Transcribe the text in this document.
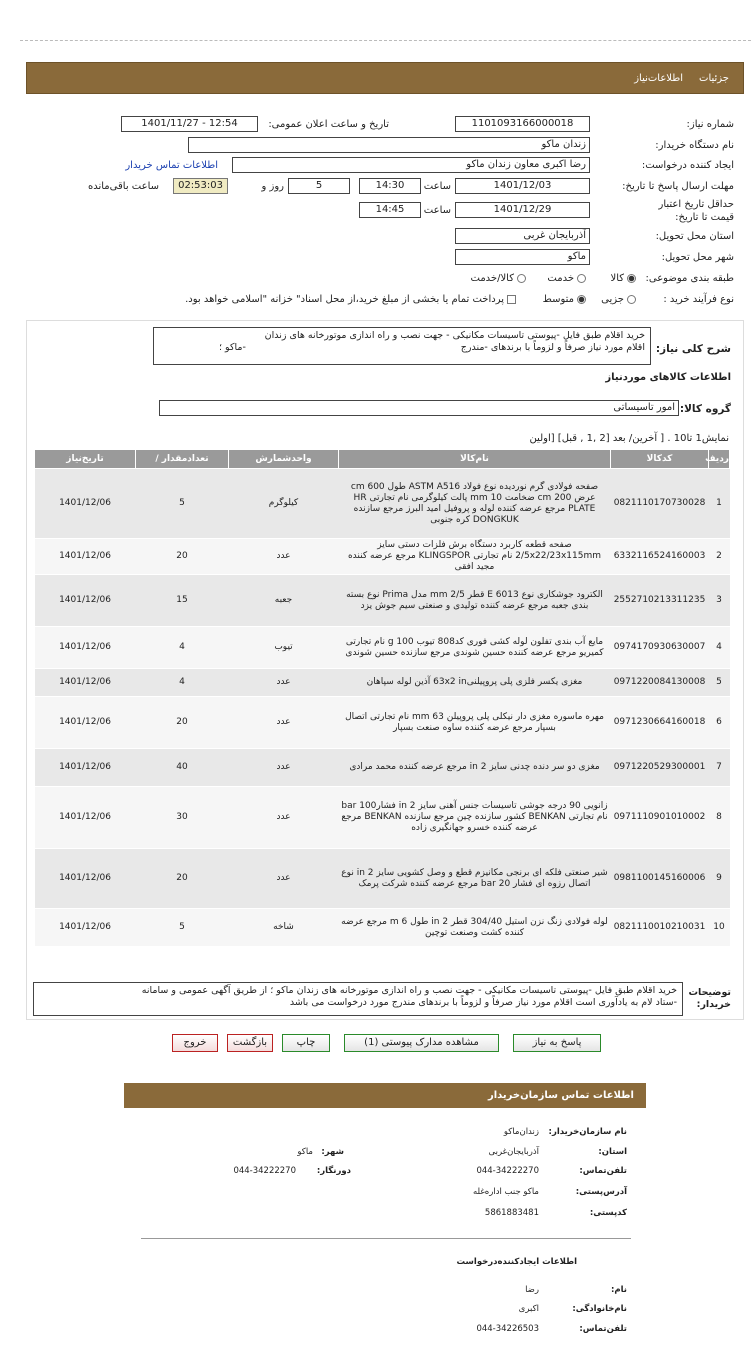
جزئیات
اطلاعات‌نیاز
شماره نیاز:
1101093166000018
تاریخ و ساعت اعلان عمومی:
1401/11/27 - 12:54
نام دستگاه خریدار:
زندان ماکو
ایجاد کننده درخواست:
رضا اکبری معاون زندان ماکو
اطلاعات تماس خریدار
مهلت ارسال پاسخ تا تاریخ:
1401/12/03
ساعت
14:30
5
روز و
02:53:03
ساعت باقی‌مانده
حداقل تاریخ اعتبار قیمت تا تاریخ:
1401/12/29
ساعت
14:45
استان محل تحویل:
آذربایجان غربی
شهر محل تحویل:
ماکو
طبقه بندی موضوعی:
کالا
خدمت
کالا/خدمت
نوع فرآیند خرید :
جزیی
متوسط
پرداخت تمام یا بخشی از مبلغ خرید،از محل اسناد" خزانه "اسلامی خواهد بود.
شرح کلی نیاز:
خرید اقلام طبق فایل -پیوستی تاسیسات مکانیکی - جهت نصب و راه اندازی موتورخانه های زندان
اقلام مورد نیاز صرفاً و لزوماً با برندهای -مندرج
-ماکو ؛
اطلاعات کالاهای موردنیاز
گروه کالا:
امور تاسیساتی
نمایش1 تا10 . [ آخرین/ بعد [2 ,1 , قبل] [اولین
ردیف	کدکالا	نام‌کالا	واحدشمارش	تعدادمقدار /	تاریخ‌نیاز
1	0821110170730028	صفحه فولادی گرم نوردیده نوع فولاد ASTM A516 طول 600 cm عرض 200 cm ضخامت 10 mm پالت کیلوگرمی نام تجارتی HR PLATE مرجع عرضه کننده لوله و پروفیل امید البرز مرجع سازنده DONGKUK کره جنوبی	کیلوگرم	5	1401/12/06
2	6332116524160003	صفحه قطعه کاربرد دستگاه برش فلزات دستی سایز 2/5x22/23x115mm نام تجارتی KLINGSPOR مرجع عرضه کننده مجید افقی	عدد	20	1401/12/06
3	2552710213311235	الکترود جوشکاری نوع E 6013 قطر 2/5 mm مدل Prima نوع بسته بندی جعبه مرجع عرضه کننده تولیدی و صنعتی سیم جوش یزد	جعبه	15	1401/12/06
4	0974170930630007	مایع آب بندی تفلون لوله کشی فوری کد808 تیوب 100 g نام تجارتی کمیریو مرجع عرضه کننده حسین شوندی مرجع سازنده حسین شوندی	تیوب	4	1401/12/06
5	0971220084130008	مغزی یکسر فلزی پلی پروپیلنی63x2 in آذین لوله سپاهان	عدد	4	1401/12/06
6	0971230664160018	مهره ماسوره مغزی دار نیکلی پلی پروپیلن 63 mm نام تجارتی اتصال بسپار مرجع عرضه کننده ساوه صنعت بسپار	عدد	20	1401/12/06
7	0971220529300001	مغزی دو سر دنده چدنی سایز 2 in مرجع عرضه کننده محمد مرادی	عدد	40	1401/12/06
8	0971110901010002	زانویی 90 درجه جوشی تاسیسات جنس آهنی سایز 2 in فشار100 bar نام تجارتی BENKAN کشور سازنده چین مرجع سازنده BENKAN مرجع عرضه کننده خسرو جهانگیری زاده	عدد	30	1401/12/06
9	0981100145160006	شیر صنعتی فلکه ای برنجی مکانیزم قطع و وصل کشویی سایز 2 in نوع اتصال رزوه ای فشار 20 bar مرجع عرضه کننده شرکت پرمک	عدد	20	1401/12/06
10	0821110010210031	لوله فولادی زنگ نزن استیل 304/40 قطر 2 in طول 6 m مرجع عرضه کننده کشت وصنعت توچین	شاخه	5	1401/12/06
توضیحات خریدار:
خرید اقلام طبق فایل -پیوستی تاسیسات مکانیکی - جهت نصب و راه اندازی موتورخانه های زندان ماکو ؛ از طریق آگهی عمومی و سامانه
-ستاد لام به یادآوری است اقلام مورد نیاز صرفاً و لزوماً با برندهای مندرج مورد درخواست می باشد
پاسخ به نیاز
مشاهده مدارک پیوستی (1)
چاپ
بازگشت
خروج
اطلاعات تماس سازمان‌خریدار
نام سازمان‌خریدار:
زندان‌ماکو
استان:
آذربایجان‌غربی
شهر:
ماکو
تلفن‌تماس:
044-34222270
دورنگار:
044-34222270
آدرس‌پستی:
ماکو جنب اداره‌غله
کدپستی:
5861883481
اطلاعات ایجاد‌کننده‌درخواست
نام:
رضا
نام‌خانوادگی:
اکبری
تلفن‌تماس:
044-34226503
